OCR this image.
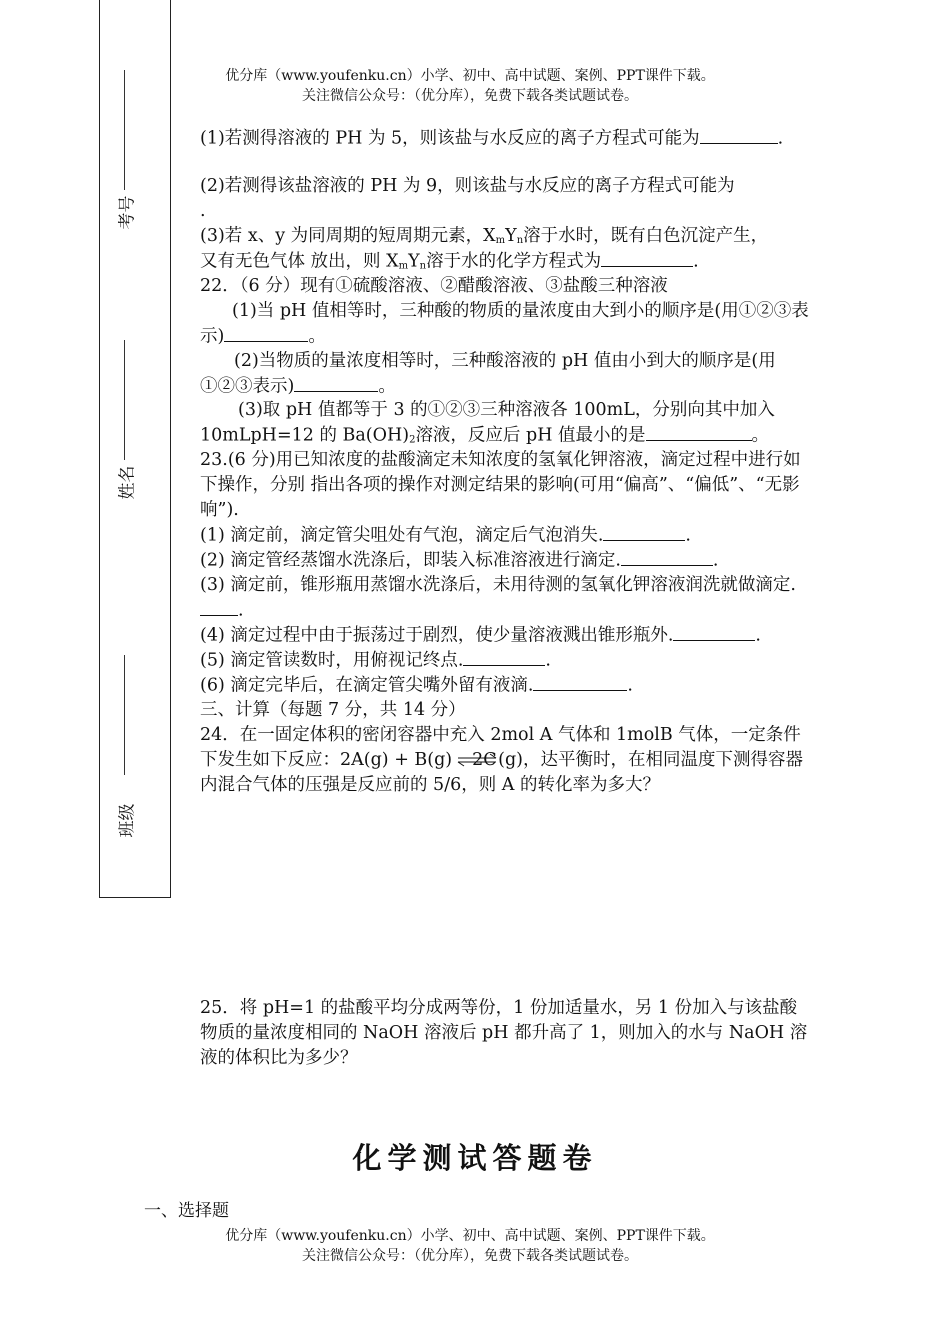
优分库（www.youfenku.cn）小学、初中、高中试题、案例、PPT课件下载。
关注微信公众号：（优分库），免费下载各类试题试卷。
考号
姓名
班级
(1)若测得溶液的 PH 为 5，则该盐与水反应的离子方程式可能为	.
(2)若测得该盐溶液的 PH 为 9，则该盐与水反应的离子方程式可能为
.
(3)若 x、y 为同周期的短周期元素，$X_mY_n$溶于水时，既有白色沉淀产生，
又有无色气体 放出，则 $X_mY_n$溶于水的化学方程式为	.
22．（6 分）现有①硫酸溶液、②醋酸溶液、③盐酸三种溶液
(1)当 pH 值相等时，三种酸的物质的量浓度由大到小的顺序是(用①②③表示)	。
(2)当物质的量浓度相等时，三种酸溶液的 pH 值由小到大的顺序是(用①②③表示)	。
(3)取 pH 值都等于 3 的①②③三种溶液各 100mL，分别向其中加入 10mLpH=12 的 $Ba(OH)_2$溶液，反应后 pH 值最小的是	。
23.(6 分)用已知浓度的盐酸滴定未知浓度的氢氧化钾溶液，滴定过程中进行如下操作，分别 指出各项的操作对测定结果的影响(可用“偏高”、“偏低”、“无影响”).
(1) 滴定前，滴定管尖咀处有气泡，滴定后气泡消失.	.
(2) 滴定管经蒸馏水洗涤后，即装入标准溶液进行滴定.	.
(3) 滴定前，锥形瓶用蒸馏水洗涤后，未用待测的氢氧化钾溶液润洗就做滴定..
(4) 滴定过程中由于振荡过于剧烈，使少量溶液溅出锥形瓶外.	.
(5) 滴定管读数时，用俯视记终点.	.
(6) 滴定完毕后，在滴定管尖嘴外留有液滴.	.
三、计算（每题 7 分，共 14 分）
24．在一固定体积的密闭容器中充入 2mol A 气体和 1molB 气体，一定条件下发生如下反应：2A(g) + B(g) 2C(g)，达平衡时，在相同温度下测得容器内混合气体的压强是反应前的 5/6，则 A 的转化率为多大？
25．将 pH=1 的盐酸平均分成两等份，1 份加适量水，另 1 份加入与该盐酸物质的量浓度相同的 NaOH 溶液后 pH 都升高了 1，则加入的水与 NaOH 溶液的体积比为多少？
化学测试答题卷
一、选择题
优分库（www.youfenku.cn）小学、初中、高中试题、案例、PPT课件下载。
关注微信公众号：（优分库），免费下载各类试题试卷。
